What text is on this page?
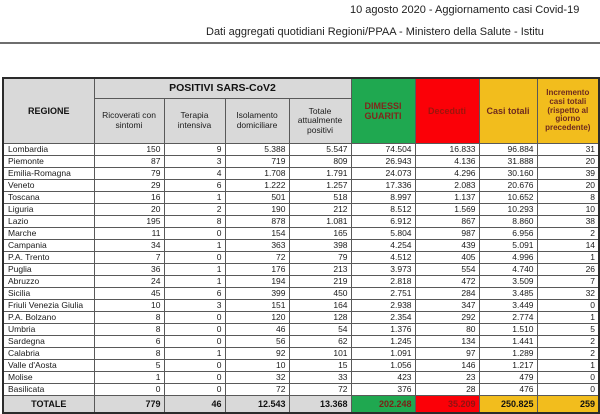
10 agosto 2020 - Aggiornamento casi Covid-19
Dati aggregati quotidiani Regioni/PPAA - Ministero della Salute - Istitu
REGIONE	POSITIVI SARS-CoV2				DIMESSI GUARITI	Deceduti	Casi totali	Incremento casi totali (rispetto al giorno precedente)
	Ricoverati con sintomi	Terapia intensiva	Isolamento domiciliare	Totale attualmente positivi				
Lombardia	150	9	5.388	5.547	74.504	16.833	96.884	31
Piemonte	87	3	719	809	26.943	4.136	31.888	20
Emilia-Romagna	79	4	1.708	1.791	24.073	4.296	30.160	39
Veneto	29	6	1.222	1.257	17.336	2.083	20.676	20
Toscana	16	1	501	518	8.997	1.137	10.652	8
Liguria	20	2	190	212	8.512	1.569	10.293	10
Lazio	195	8	878	1.081	6.912	867	8.860	38
Marche	11	0	154	165	5.804	987	6.956	2
Campania	34	1	363	398	4.254	439	5.091	14
P.A. Trento	7	0	72	79	4.512	405	4.996	1
Puglia	36	1	176	213	3.973	554	4.740	26
Abruzzo	24	1	194	219	2.818	472	3.509	7
Sicilia	45	6	399	450	2.751	284	3.485	32
Friuli Venezia Giulia	10	3	151	164	2.938	347	3.449	0
P.A. Bolzano	8	0	120	128	2.354	292	2.774	1
Umbria	8	0	46	54	1.376	80	1.510	5
Sardegna	6	0	56	62	1.245	134	1.441	2
Calabria	8	1	92	101	1.091	97	1.289	2
Valle d'Aosta	5	0	10	15	1.056	146	1.217	1
Molise	1	0	32	33	423	23	479	0
Basilicata	0	0	72	72	376	28	476	0
TOTALE	779	46	12.543	13.368	202.248	35.209	250.825	259
